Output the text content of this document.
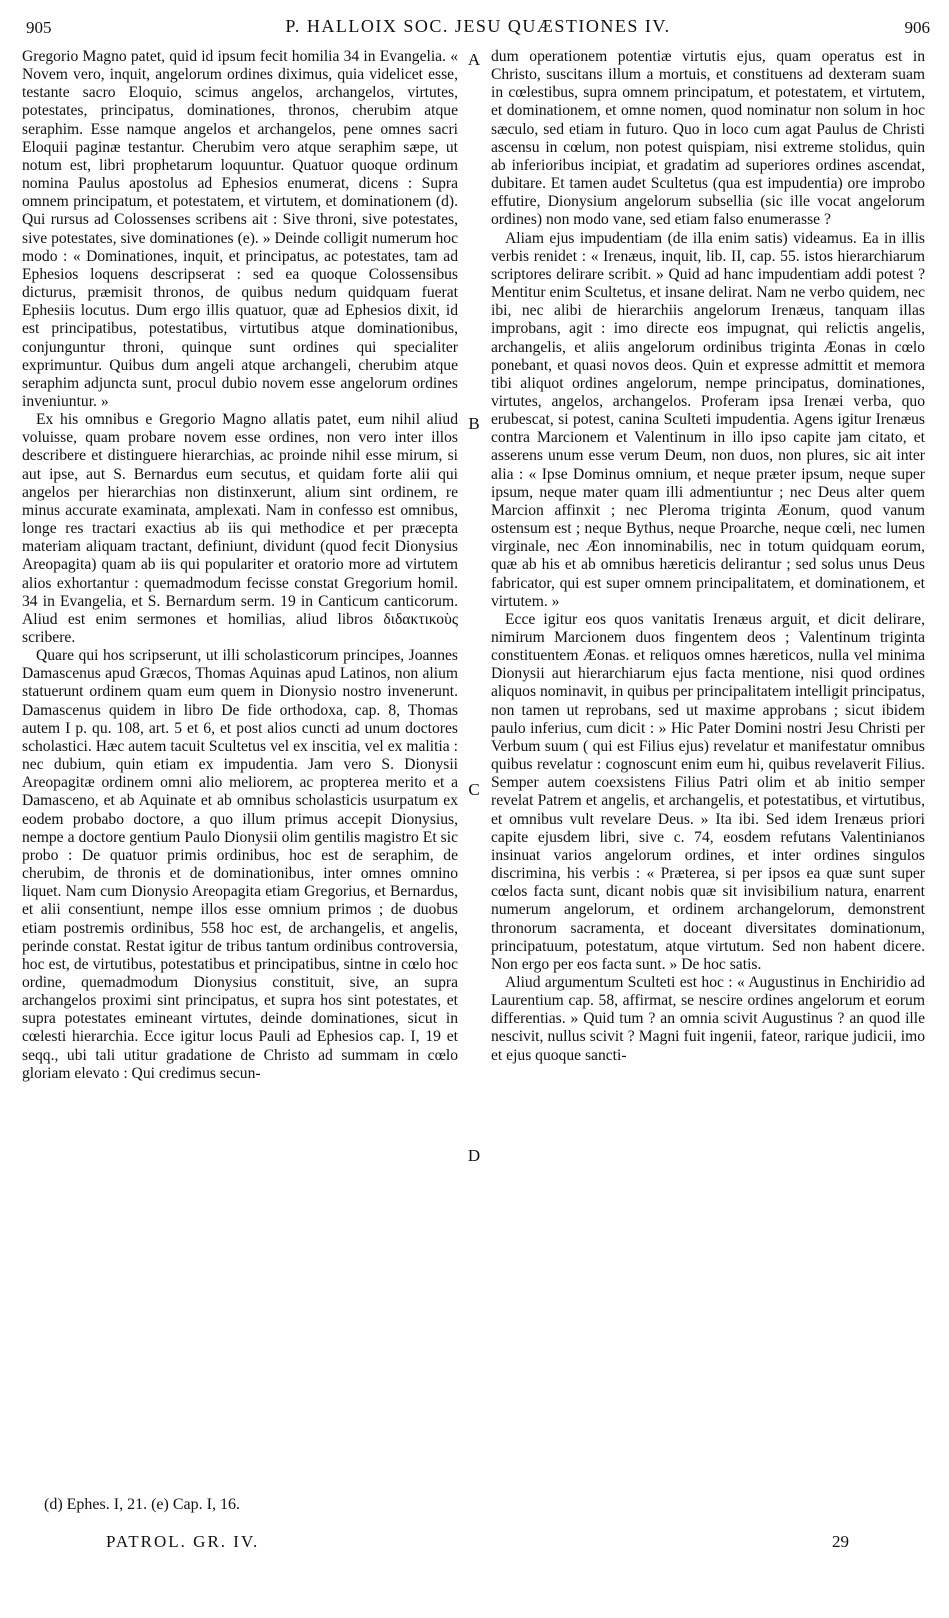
905	P. HALLOIX SOC. JESU QUÆSTIONES IV.	906

Gregorio Magno patet, quid id ipsum fecit homilia 34 in Evangelia. « Novem vero, inquit, angelorum ordines diximus, quia videlicet esse, testante sacro Eloquio, scimus angelos, archangelos, virtutes, potestates, principatus, dominationes, thronos, cherubim atque seraphim. Esse namque angelos et archangelos, pene omnes sacri Eloquii paginæ testantur. Cherubim vero atque seraphim sæpe, ut notum est, libri prophetarum loquuntur. Quatuor quoque ordinum nomina Paulus apostolus ad Ephesios enumerat, dicens : Supra omnem principatum, et potestatem, et virtutem, et dominationem (d). Qui rursus ad Colossenses scribens ait : Sive throni, sive potestates, sive potestates, sive dominationes (e). » Deinde colligit numerum hoc modo : « Dominationes, inquit, et principatus, ac potestates, tam ad Ephesios loquens descripserat : sed ea quoque Colossensibus dicturus, præmisit thronos, de quibus nedum quidquam fuerat Ephesiis locutus. Dum ergo illis quatuor, quæ ad Ephesios dixit, id est principatibus, potestatibus, virtutibus atque dominationibus, conjunguntur throni, quinque sunt ordines qui specialiter exprimuntur. Quibus dum angeli atque archangeli, cherubim atque seraphim adjuncta sunt, procul dubio novem esse angelorum ordines inveniuntur. »

Ex his omnibus e Gregorio Magno allatis patet, eum nihil aliud voluisse, quam probare novem esse ordines, non vero inter illos describere et distinguere hierarchias, ac proinde nihil esse mirum, si aut ipse, aut S. Bernardus eum secutus, et quidam forte alii qui angelos per hierarchias non distinxerunt, alium sint ordinem, re minus accurate examinata, amplexati. Nam in confesso est omnibus, longe res tractari exactius ab iis qui methodice et per præcepta materiam aliquam tractant, definiunt, dividunt (quod fecit Dionysius Areopagita) quam ab iis qui populariter et oratorio more ad virtutem alios exhortantur : quemadmodum fecisse constat Gregorium homil. 34 in Evangelia, et S. Bernardum serm. 19 in Canticum canticorum. Aliud est enim sermones et homilias, aliud libros διδακτικοὺς scribere.

Quare qui hos scripserunt, ut illi scholasticorum principes, Joannes Damascenus apud Græcos, Thomas Aquinas apud Latinos, non alium statuerunt ordinem quam eum quem in Dionysio nostro invenerunt. Damascenus quidem in libro De fide orthodoxa, cap. 8, Thomas autem I p. qu. 108, art. 5 et 6, et post alios cuncti ad unum doctores scholastici. Hæc autem tacuit Scultetus vel ex inscitia, vel ex malitia : nec dubium, quin etiam ex impudentia. Jam vero S. Dionysii Areopagitæ ordinem omni alio meliorem, ac propterea merito et a Damasceno, et ab Aquinate et ab omnibus scholasticis usurpatum ex eodem probabo doctore, a quo illum primus accepit Dionysius, nempe a doctore gentium Paulo Dionysii olim gentilis magistro Et sic probo : De quatuor primis ordinibus, hoc est de seraphim, de cherubim, de thronis et de dominationibus, inter omnes omnino liquet. Nam cum Dionysio Areopagita etiam Gregorius, et Bernardus, et alii consentiunt, nempe illos esse omnium primos ; de duobus etiam postremis ordinibus, 558 hoc est, de archangelis, et angelis, perinde constat. Restat igitur de tribus tantum ordinibus controversia, hoc est, de virtutibus, potestatibus et principatibus, sintne in cœlo hoc ordine, quemadmodum Dionysius constituit, sive, an supra archangelos proximi sint principatus, et supra hos sint potestates, et supra potestates emineant virtutes, deinde dominationes, sicut in cœlesti hierarchia. Ecce igitur locus Pauli ad Ephesios cap. I, 19 et seqq., ubi tali utitur gradatione de Christo ad summam in cœlo gloriam elevato : Qui credimus secun-

A
B
C
D

dum operationem potentiæ virtutis ejus, quam operatus est in Christo, suscitans illum a mortuis, et constituens ad dexteram suam in cœlestibus, supra omnem principatum, et potestatem, et virtutem, et dominationem, et omne nomen, quod nominatur non solum in hoc sæculo, sed etiam in futuro. Quo in loco cum agat Paulus de Christi ascensu in cœlum, non potest quispiam, nisi extreme stolidus, quin ab inferioribus incipiat, et gradatim ad superiores ordines ascendat, dubitare. Et tamen audet Scultetus (qua est impudentia) ore improbo effutire, Dionysium angelorum subsellia (sic ille vocat angelorum ordines) non modo vane, sed etiam falso enumerasse ?

Aliam ejus impudentiam (de illa enim satis) videamus. Ea in illis verbis renidet : « Irenæus, inquit, lib. II, cap. 55. istos hierarchiarum scriptores delirare scribit. » Quid ad hanc impudentiam addi potest ? Mentitur enim Scultetus, et insane delirat. Nam ne verbo quidem, nec ibi, nec alibi de hierarchiis angelorum Irenæus, tanquam illas improbans, agit : imo directe eos impugnat, qui relictis angelis, archangelis, et aliis angelorum ordinibus triginta Æonas in cœlo ponebant, et quasi novos deos. Quin et expresse admittit et memora tibi aliquot ordines angelorum, nempe principatus, dominationes, virtutes, angelos, archangelos. Proferam ipsa Irenæi verba, quo erubescat, si potest, canina Sculteti impudentia. Agens igitur Irenæus contra Marcionem et Valentinum in illo ipso capite jam citato, et asserens unum esse verum Deum, non duos, non plures, sic ait inter alia : « Ipse Dominus omnium, et neque præter ipsum, neque super ipsum, neque mater quam illi admentiuntur ; nec Deus alter quem Marcion affinxit ; nec Pleroma triginta Æonum, quod vanum ostensum est ; neque Bythus, neque Proarche, neque cœli, nec lumen virginale, nec Æon innominabilis, nec in totum quidquam eorum, quæ ab his et ab omnibus hæreticis delirantur ; sed solus unus Deus fabricator, qui est super omnem principalitatem, et dominationem, et virtutem. »

Ecce igitur eos quos vanitatis Irenæus arguit, et dicit delirare, nimirum Marcionem duos fingentem deos ; Valentinum triginta constituentem Æonas. et reliquos omnes hæreticos, nulla vel minima Dionysii aut hierarchiarum ejus facta mentione, nisi quod ordines aliquos nominavit, in quibus per principalitatem intelligit principatus, non tamen ut reprobans, sed ut maxime approbans ; sicut ibidem paulo inferius, cum dicit : » Hic Pater Domini nostri Jesu Christi per Verbum suum ( qui est Filius ejus) revelatur et manifestatur omnibus quibus revelatur : cognoscunt enim eum hi, quibus revelaverit Filius. Semper autem coexsistens Filius Patri olim et ab initio semper revelat Patrem et angelis, et archangelis, et potestatibus, et virtutibus, et omnibus vult revelare Deus. » Ita ibi. Sed idem Irenæus priori capite ejusdem libri, sive c. 74, eosdem refutans Valentinianos insinuat varios angelorum ordines, et inter ordines singulos discrimina, his verbis : « Præterea, si per ipsos ea quæ sunt super cœlos facta sunt, dicant nobis quæ sit invisibilium natura, enarrent numerum angelorum, et ordinem archangelorum, demonstrent thronorum sacramenta, et doceant diversitates dominationum, principatuum, potestatum, atque virtutum. Sed non habent dicere. Non ergo per eos facta sunt. » De hoc satis.

Aliud argumentum Sculteti est hoc : « Augustinus in Enchiridio ad Laurentium cap. 58, affirmat, se nescire ordines angelorum et eorum differentias. » Quid tum ? an omnia scivit Augustinus ? an quod ille nescivit, nullus scivit ? Magni fuit ingenii, fateor, rarique judicii, imo et ejus quoque sancti-

(d) Ephes. I, 21. (e) Cap. I, 16.
PATROL. GR. IV.	29
